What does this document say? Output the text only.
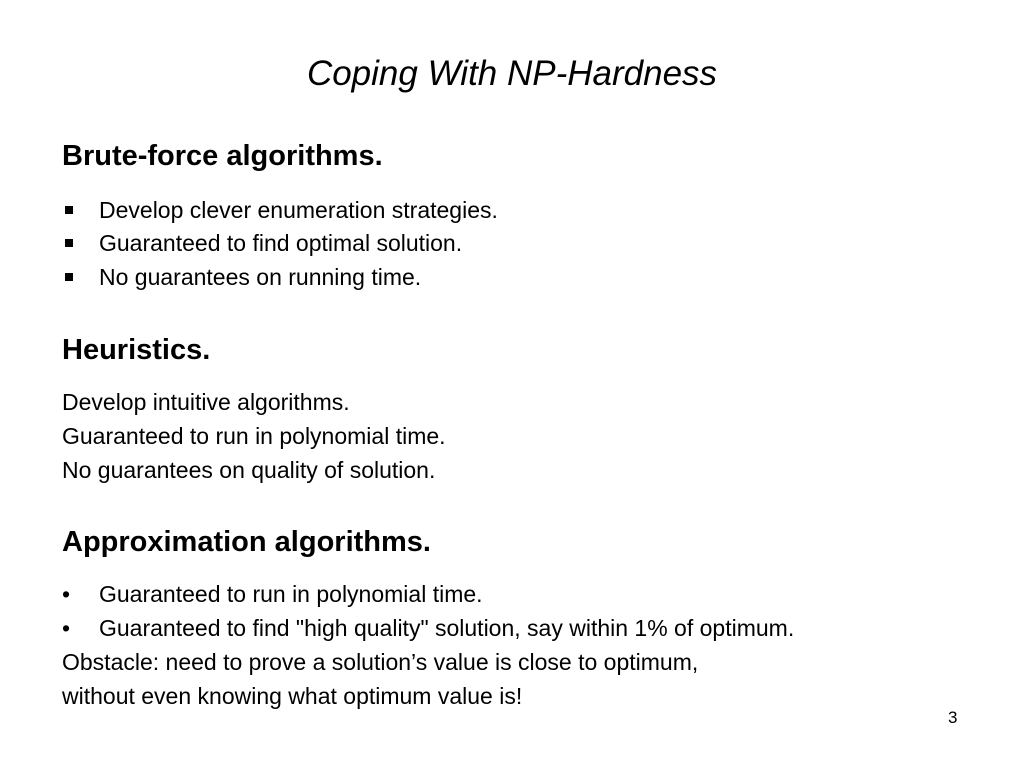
Coping With NP-Hardness
Brute-force algorithms.
Develop clever enumeration strategies.
Guaranteed to find optimal solution.
No guarantees on running time.
Heuristics.
Develop intuitive algorithms.
Guaranteed to run in polynomial time.
No guarantees on quality of solution.
Approximation algorithms.
• Guaranteed to run in polynomial time.
• Guaranteed to find "high quality" solution, say within 1% of optimum.
Obstacle: need to prove a solution’s value is close to optimum,
without even knowing what optimum value is!
3
